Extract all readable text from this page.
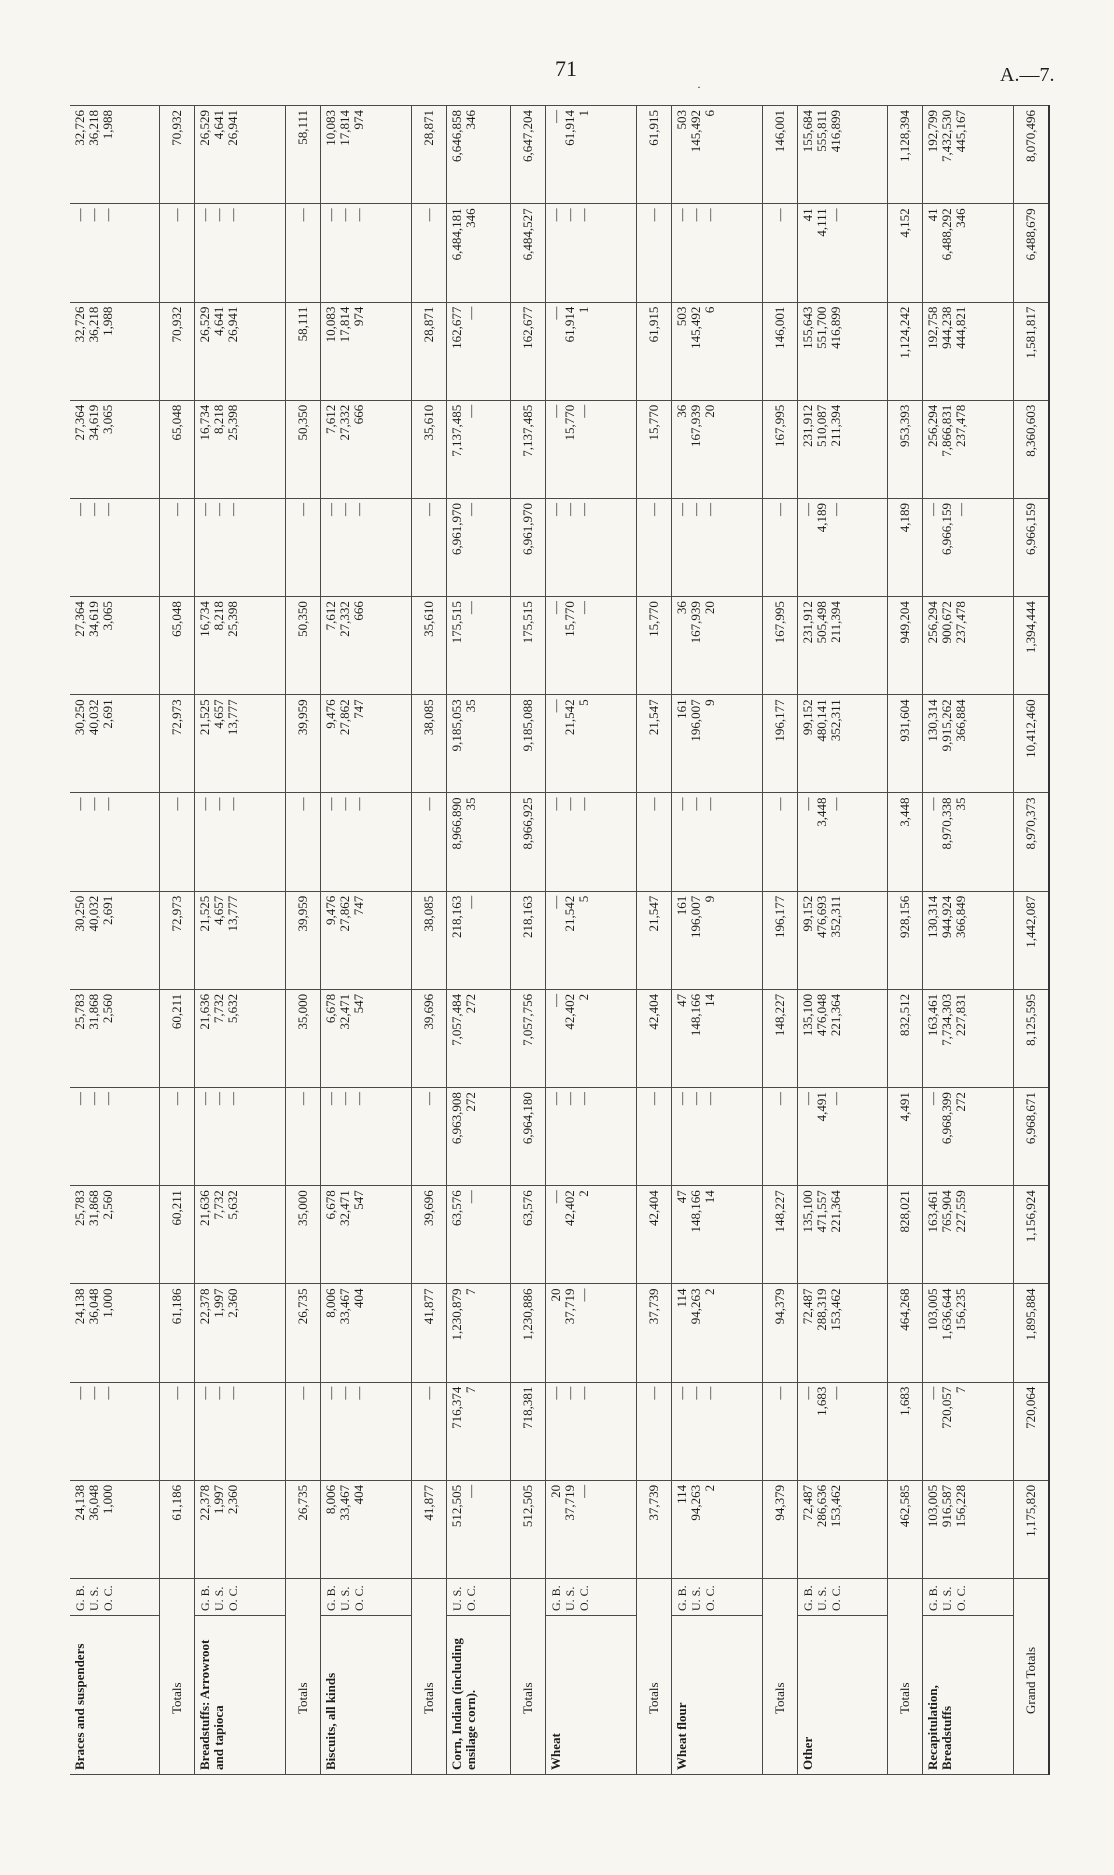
71
·
A.—7.
Braces and suspenders	G. B. U. S. O. C.	24,138 36,048 1,000	— — —	24,138 36,048 1,000	25,783 31,868 2,560	— — —	25,783 31,868 2,560	30,250 40,032 2,691	— — —	30,250 40,032 2,691	27,364 34,619 3,065	— — —	27,364 34,619 3,065	32,726 36,218 1,988	— — —	32,726 36,218 1,988

Totals		61,186	—	61,186	60,211	—	60,211	72,973	—	72,973	65,048	—	65,048	70,932	—	70,932
Breadstuffs: Arrowroot and tapioca	G. B. U. S. O. C.	22,378 1,997 2,360	— — —	22,378 1,997 2,360	21,636 7,732 5,632	— — —	21,636 7,732 5,632	21,525 4,657 13,777	— — —	21,525 4,657 13,777	16,734 8,218 25,398	— — —	16,734 8,218 25,398	26,529 4,641 26,941	— — —	26,529 4,641 26,941

Totals		26,735	—	26,735	35,000	—	35,000	39,959	—	39,959	50,350	—	50,350	58,111	—	58,111
Biscuits, all kinds	G. B. U. S. O. C.	8,006 33,467 404	— — —	8,006 33,467 404	6,678 32,471 547	— — —	6,678 32,471 547	9,476 27,862 747	— — —	9,476 27,862 747	7,612 27,332 666	— — —	7,612 27,332 666	10,083 17,814 974	— — —	10,083 17,814 974

Totals		41,877	—	41,877	39,696	—	39,696	38,085	—	38,085	35,610	—	35,610	28,871	—	28,871
Corn, Indian (including ensilage corn).	U. S. O. C.	512,505 —	716,374 7	1,230,879 7	63,576 —	6,963,908 272	7,057,484 272	218,163 —	8,966,890 35	9,185,053 35	175,515 —	6,961,970 —	7,137,485 —	162,677 —	6,484,181 346	6,646,858 346

Totals		512,505	718,381	1,230,886	63,576	6,964,180	7,057,756	218,163	8,966,925	9,185,088	175,515	6,961,970	7,137,485	162,677	6,484,527	6,647,204
Wheat	G. B. U. S. O. C.	20 37,719 —	— — —	20 37,719 —	— 42,402 2	— — —	— 42,402 2	— 21,542 5	— — —	— 21,542 5	— 15,770 —	— — —	— 15,770 —	— 61,914 1	— — —	— 61,914 1

Totals		37,739	—	37,739	42,404	—	42,404	21,547	—	21,547	15,770	—	15,770	61,915	—	61,915
Wheat flour	G. B. U. S. O. C.	114 94,263 2	— — —	114 94,263 2	47 148,166 14	— — —	47 148,166 14	161 196,007 9	— — —	161 196,007 9	36 167,939 20	— — —	36 167,939 20	503 145,492 6	— — —	503 145,492 6

Totals		94,379	—	94,379	148,227	—	148,227	196,177	—	196,177	167,995	—	167,995	146,001	—	146,001
Other	G. B. U. S. O. C.	72,487 286,636 153,462	— 1,683 —	72,487 288,319 153,462	135,100 471,557 221,364	— 4,491 —	135,100 476,048 221,364	99,152 476,693 352,311	— 3,448 —	99,152 480,141 352,311	231,912 505,498 211,394	— 4,189 —	231,912 510,087 211,394	155,643 551,700 416,899	41 4,111 —	155,684 555,811 416,899

Totals		462,585	1,683	464,268	828,021	4,491	832,512	928,156	3,448	931,604	949,204	4,189	953,393	1,124,242	4,152	1,128,394
Recapitulation, Breadstuffs	G. B. U. S. O. C.	103,005 916,587 156,228	— 720,057 7	103,005 1,636,644 156,235	163,461 765,904 227,559	— 6,968,399 272	163,461 7,734,303 227,831	130,314 944,924 366,849	— 8,970,338 35	130,314 9,915,262 366,884	256,294 900,672 237,478	— 6,966,159 —	256,294 7,866,831 237,478	192,758 944,238 444,821	41 6,488,292 346	192,799 7,432,530 445,167

Grand Totals		1,175,820	720,064	1,895,884	1,156,924	6,968,671	8,125,595	1,442,087	8,970,373	10,412,460	1,394,444	6,966,159	8,360,603	1,581,817	6,488,679	8,070,496
